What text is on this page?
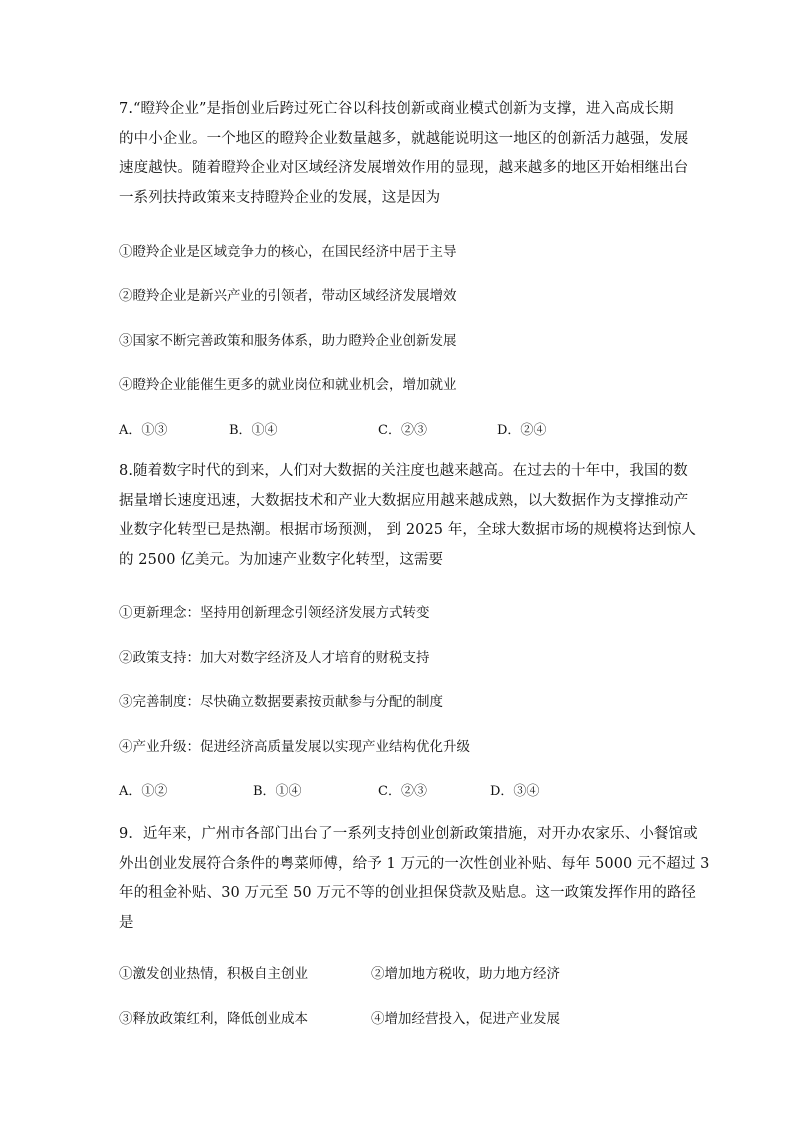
7.“瞪羚企业”是指创业后跨过死亡谷以科技创新或商业模式创新为支撑，进入高成长期
的中小企业。一个地区的瞪羚企业数量越多，就越能说明这一地区的创新活力越强，发展
速度越快。随着瞪羚企业对区域经济发展增效作用的显现，越来越多的地区开始相继出台
一系列扶持政策来支持瞪羚企业的发展，这是因为
①瞪羚企业是区域竞争力的核心，在国民经济中居于主导
②瞪羚企业是新兴产业的引领者，带动区域经济发展增效
③国家不断完善政策和服务体系，助力瞪羚企业创新发展
④瞪羚企业能催生更多的就业岗位和就业机会，增加就业
A．①③	B．①④	C．②③	D．②④
8.随着数字时代的到来，人们对大数据的关注度也越来越高。在过去的十年中，我国的数
据量增长速度迅速，大数据技术和产业大数据应用越来越成熟，以大数据作为支撑推动产
业数字化转型已是热潮。根据市场预测， 到 2025 年，全球大数据市场的规模将达到惊人
的 2500 亿美元。为加速产业数字化转型，这需要
①更新理念：坚持用创新理念引领经济发展方式转变
②政策支持：加大对数字经济及人才培育的财税支持
③完善制度：尽快确立数据要素按贡献参与分配的制度
④产业升级：促进经济高质量发展以实现产业结构优化升级
A．①②	B．①④	C．②③	D．③④
9．近年来，广州市各部门出台了一系列支持创业创新政策措施，对开办农家乐、小餐馆或
外出创业发展符合条件的粤菜师傅，给予 1 万元的一次性创业补贴、每年 5000 元不超过 3
年的租金补贴、30 万元至 50 万元不等的创业担保贷款及贴息。这一政策发挥作用的路径
是
①激发创业热情，积极自主创业	②增加地方税收，助力地方经济
③释放政策红利，降低创业成本	④增加经营投入，促进产业发展
